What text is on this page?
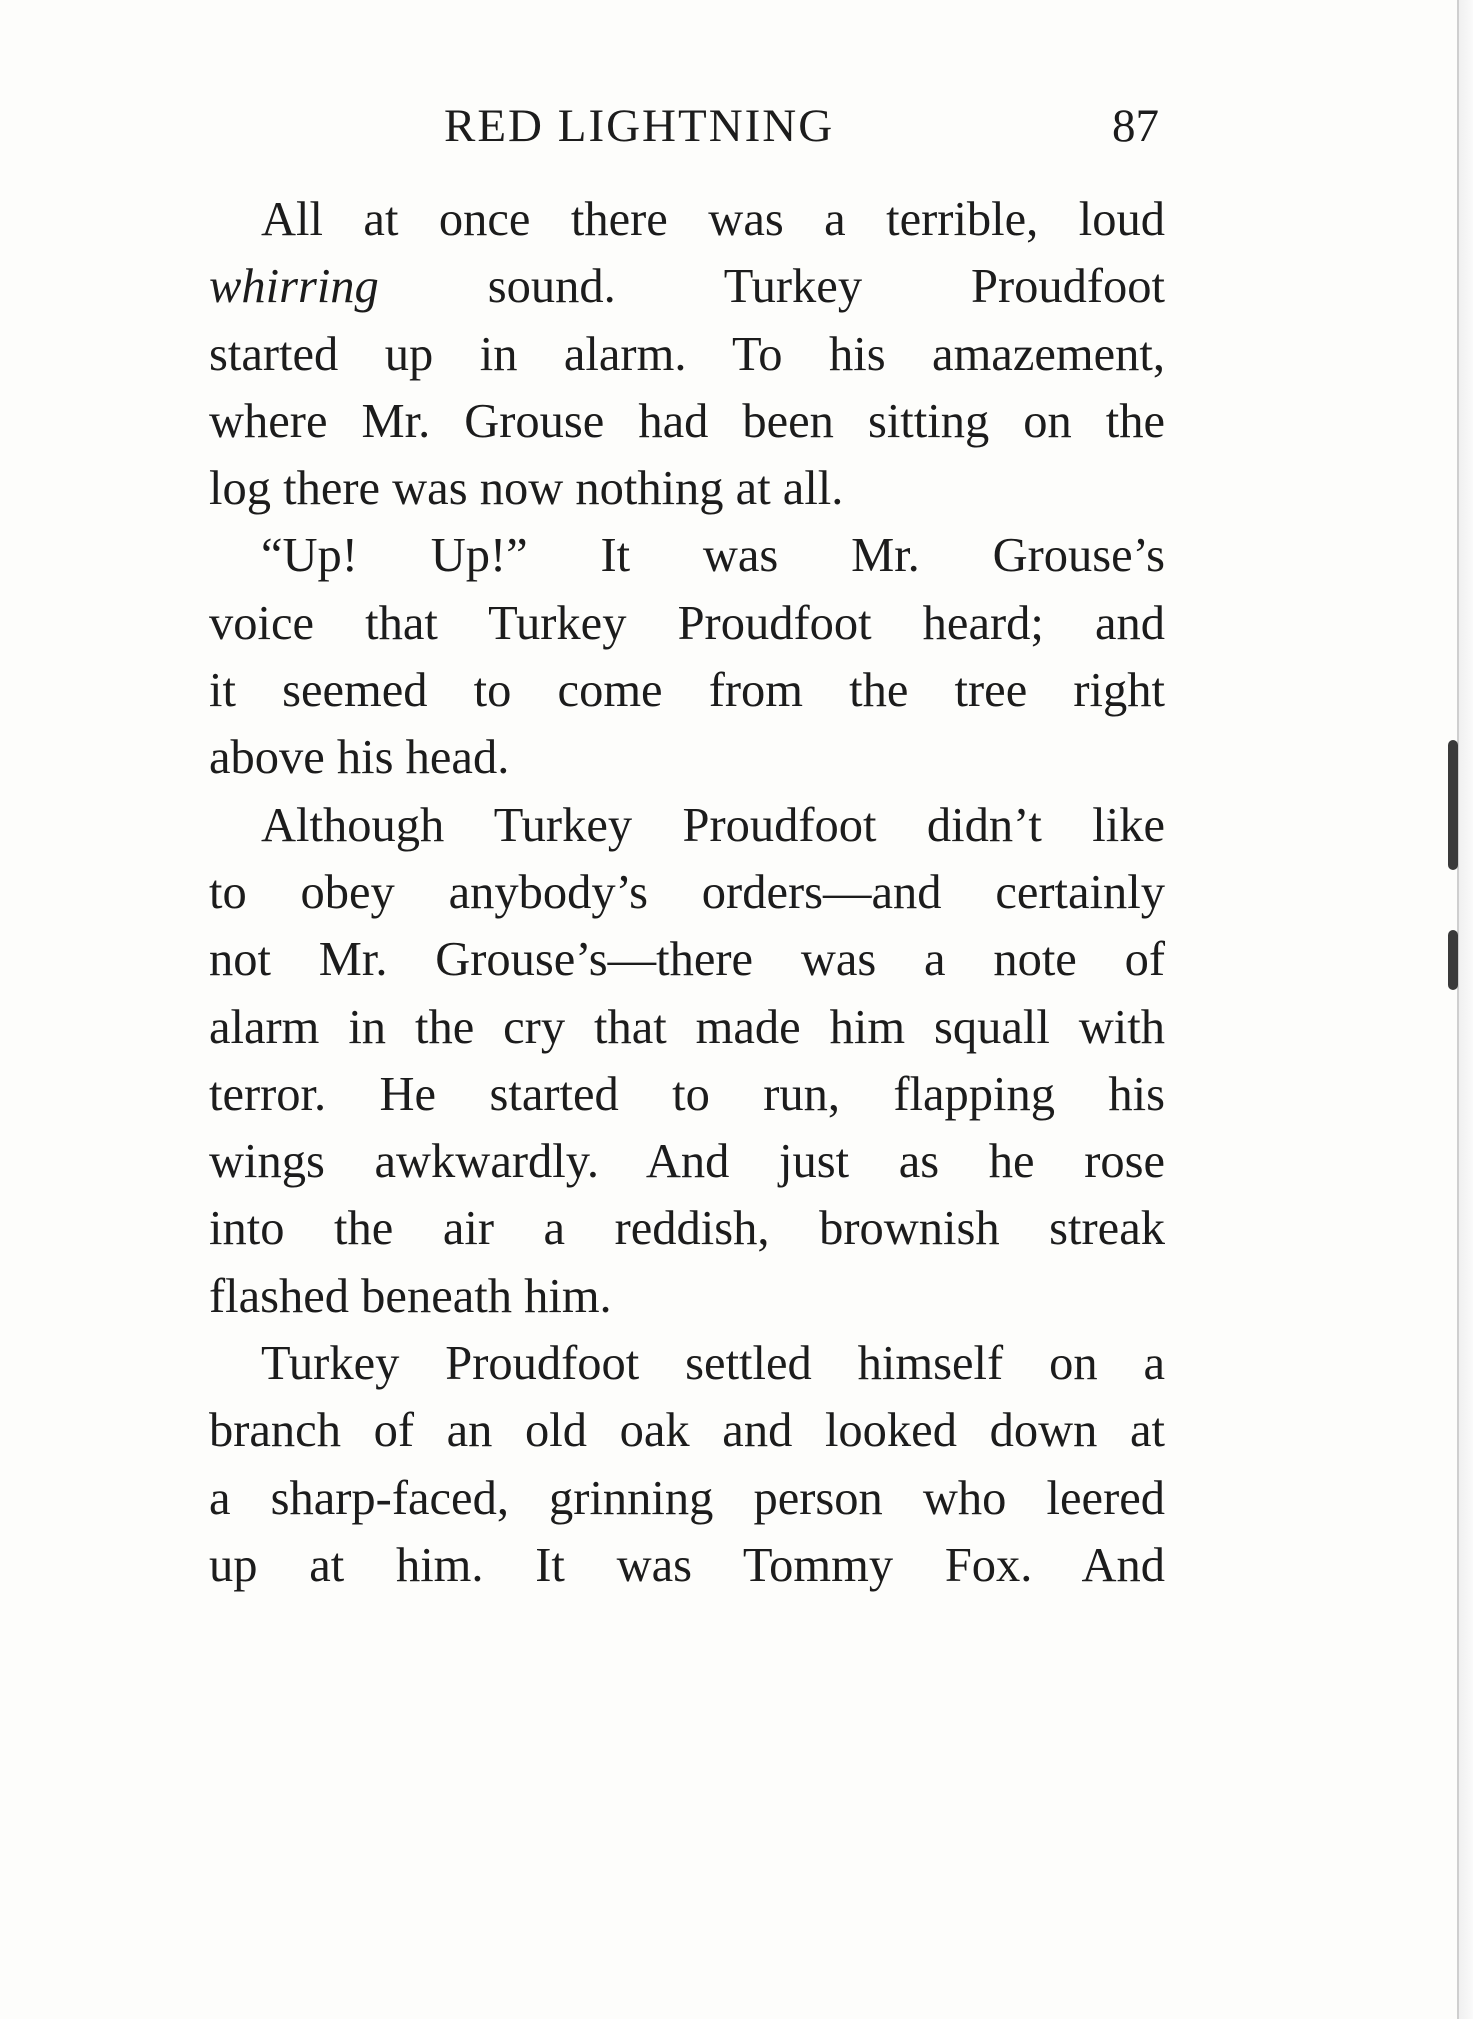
RED LIGHTNING	87
All at once there was a terrible, loud
whirring sound. Turkey Proudfoot
started up in alarm. To his amazement,
where Mr. Grouse had been sitting on the
log there was now nothing at all.
“Up! Up!” It was Mr. Grouse’s
voice that Turkey Proudfoot heard; and
it seemed to come from the tree right
above his head.
Although Turkey Proudfoot didn’t like
to obey anybody’s orders—and certainly
not Mr. Grouse’s—there was a note of
alarm in the cry that made him squall with
terror. He started to run, flapping his
wings awkwardly. And just as he rose
into the air a reddish, brownish streak
flashed beneath him.
Turkey Proudfoot settled himself on a
branch of an old oak and looked down at
a sharp-faced, grinning person who leered
up at him. It was Tommy Fox. And
